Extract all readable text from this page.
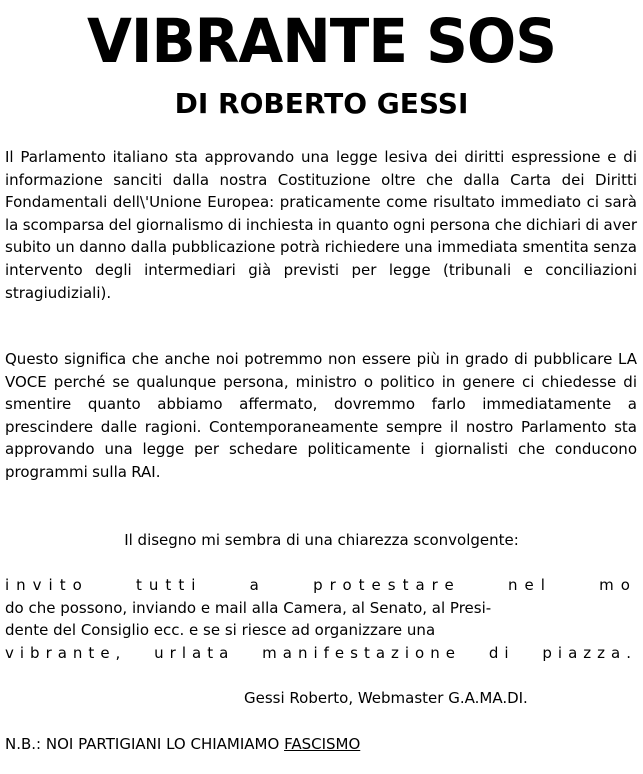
VIBRANTE SOS
DI ROBERTO GESSI
Il Parlamento italiano sta approvando una legge lesiva dei diritti espressione e di informazione sanciti dalla nostra Costituzione oltre che dalla Carta dei Diritti Fondamentali dell\'Unione Europea: praticamente come risultato immediato ci sarà la scomparsa del giornalismo di inchiesta in quanto ogni persona che dichiari di aver subito un danno dalla pubblicazione potrà richiedere una immediata smentita senza intervento degli intermediari già previsti per legge (tribunali e conciliazioni stragiudiziali).
Questo significa che anche noi potremmo non essere più in grado di pubblicare LA VOCE perché se qualunque persona, ministro o politico in genere ci chiedesse di smentire quanto abbiamo affermato, dovremmo farlo immediatamente a prescindere dalle ragioni. Contemporaneamente sempre il nostro Parlamento sta approvando una legge per schedare politicamente i giornalisti che conducono programmi sulla RAI.
Il disegno mi sembra di una chiarezza sconvolgente:
invito	tutti	a	protestare	nel	mo
do che possono, inviando e mail alla Camera, al Senato, al Presi-
dente del Consiglio ecc. e se si riesce ad organizzare una
vibrante, urlata manifestazione di piazza.
Gessi Roberto, Webmaster G.A.MA.DI.
N.B.: NOI PARTIGIANI LO CHIAMIAMO FASCISMO
